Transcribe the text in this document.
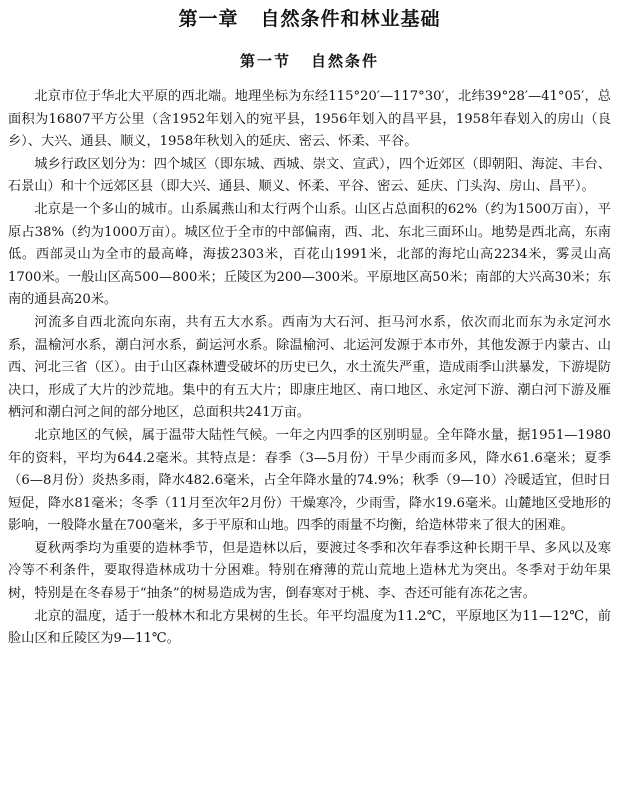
第一章 自然条件和林业基础
第一节 自然条件

北京市位于华北大平原的西北端。地理坐标为东经115°20′—117°30′，北纬39°28′—41°05′，总面积为16807平方公里（含1952年划入的宛平县，1956年划入的昌平县，1958年春划入的房山（良乡）、大兴、通县、顺义，1958年秋划入的延庆、密云、怀柔、平谷。

城乡行政区划分为：四个城区（即东城、西城、崇文、宣武），四个近郊区（即朝阳、海淀、丰台、石景山）和十个远郊区县（即大兴、通县、顺义、怀柔、平谷、密云、延庆、门头沟、房山、昌平）。

北京是一个多山的城市。山系属燕山和太行两个山系。山区占总面积的62%（约为1500万亩），平原占38%（约为1000万亩）。城区位于全市的中部偏南，西、北、东北三面环山。地势是西北高，东南低。西部灵山为全市的最高峰，海拔2303米，百花山1991米，北部的海坨山高2234米，雾灵山高1700米。一般山区高500—800米；丘陵区为200—300米。平原地区高50米；南部的大兴高30米；东南的通县高20米。

河流多自西北流向东南，共有五大水系。西南为大石河、拒马河水系，依次而北而东为永定河水系，温榆河水系，潮白河水系，蓟运河水系。除温榆河、北运河发源于本市外，其他发源于内蒙古、山西、河北三省（区）。由于山区森林遭受破坏的历史已久，水土流失严重，造成雨季山洪暴发，下游堤防决口，形成了大片的沙荒地。集中的有五大片；即康庄地区、南口地区、永定河下游、潮白河下游及雁栖河和潮白河之间的部分地区，总面积共241万亩。

北京地区的气候，属于温带大陆性气候。一年之内四季的区别明显。全年降水量，据1951—1980年的资料，平均为644.2毫米。其特点是：春季（3—5月份）干旱少雨而多风，降水61.6毫米；夏季（6—8月份）炎热多雨，降水482.6毫米，占全年降水量的74.9%；秋季（9—10）冷暖适宜，但时日短促，降水81毫米；冬季（11月至次年2月份）干燥寒冷，少雨雪，降水19.6毫米。山麓地区受地形的影响，一般降水量在700毫米，多于平原和山地。四季的雨量不均衡，给造林带来了很大的困难。

夏秋两季均为重要的造林季节，但是造林以后，要渡过冬季和次年春季这种长期干旱、多风以及寒冷等不利条件，要取得造林成功十分困难。特别在瘠薄的荒山荒地上造林尤为突出。冬季对于幼年果树，特别是在冬春易于“抽条”的树易造成为害，倒春寒对于桃、李、杏还可能有冻花之害。

北京的温度，适于一般林木和北方果树的生长。年平均温度为11.2℃，平原地区为11—12℃，前脸山区和丘陵区为9—11℃。
